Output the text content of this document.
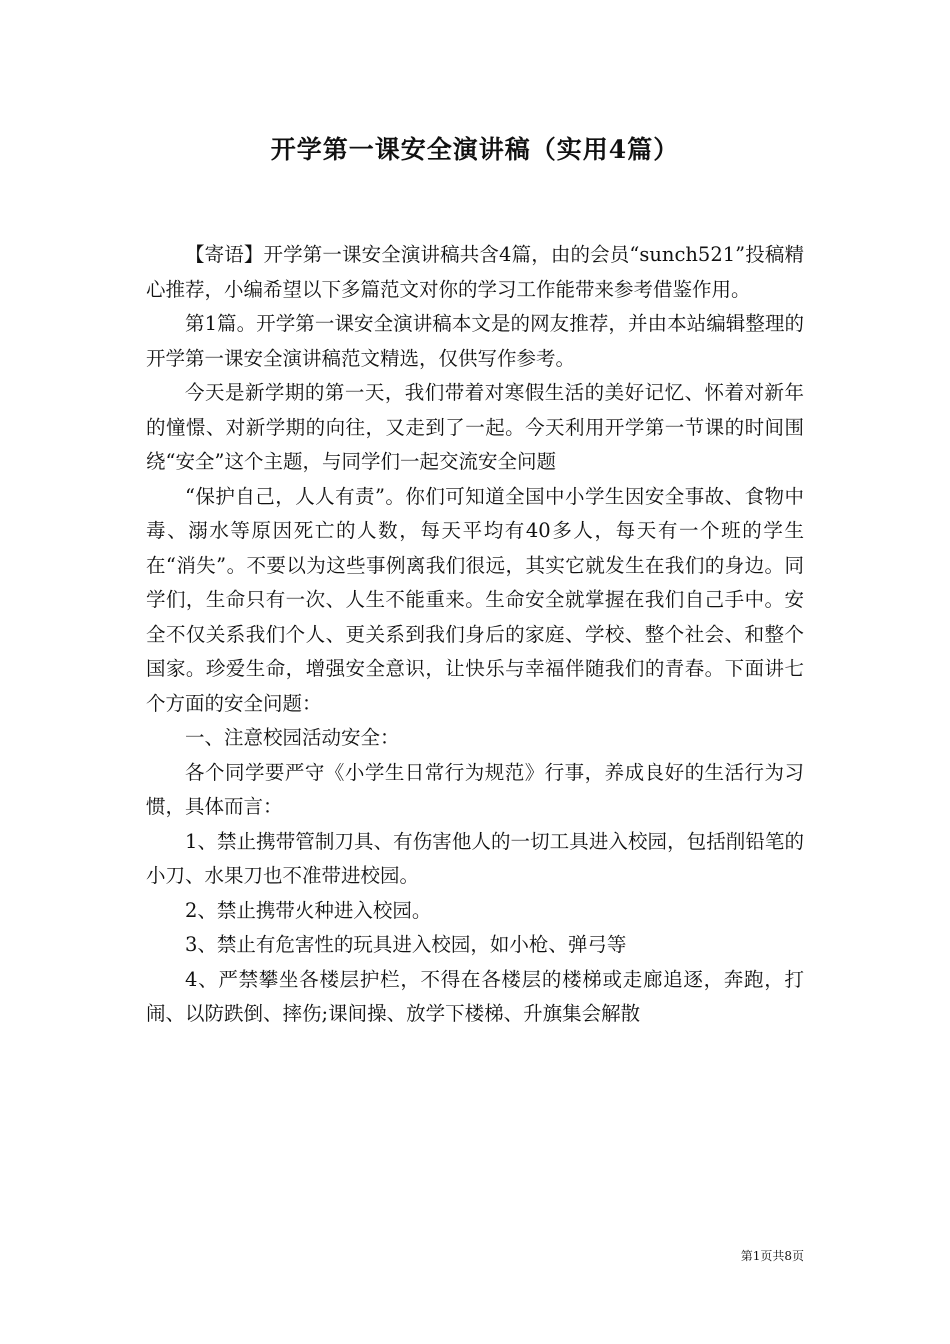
开学第一课安全演讲稿（实用4篇）

【寄语】开学第一课安全演讲稿共含4篇，由的会员“sunch521”投稿精心推荐，小编希望以下多篇范文对你的学习工作能带来参考借鉴作用。

第1篇。开学第一课安全演讲稿本文是的网友推荐，并由本站编辑整理的开学第一课安全演讲稿范文精选，仅供写作参考。

今天是新学期的第一天，我们带着对寒假生活的美好记忆、怀着对新年的憧憬、对新学期的向往，又走到了一起。今天利用开学第一节课的时间围绕“安全”这个主题，与同学们一起交流安全问题

“保护自己，人人有责”。你们可知道全国中小学生因安全事故、食物中毒、溺水等原因死亡的人数，每天平均有40多人，每天有一个班的学生在“消失”。不要以为这些事例离我们很远，其实它就发生在我们的身边。同学们，生命只有一次、人生不能重来。生命安全就掌握在我们自己手中。安全不仅关系我们个人、更关系到我们身后的家庭、学校、整个社会、和整个国家。珍爱生命，增强安全意识，让快乐与幸福伴随我们的青春。下面讲七个方面的安全问题：

一、注意校园活动安全：

各个同学要严守《小学生日常行为规范》行事，养成良好的生活行为习惯，具体而言：

1、禁止携带管制刀具、有伤害他人的一切工具进入校园，包括削铅笔的小刀、水果刀也不准带进校园。

2、禁止携带火种进入校园。

3、禁止有危害性的玩具进入校园，如小枪、弹弓等

4、严禁攀坐各楼层护栏，不得在各楼层的楼梯或走廊追逐，奔跑，打闹、以防跌倒、摔伤;课间操、放学下楼梯、升旗集会解散

第1页共8页
